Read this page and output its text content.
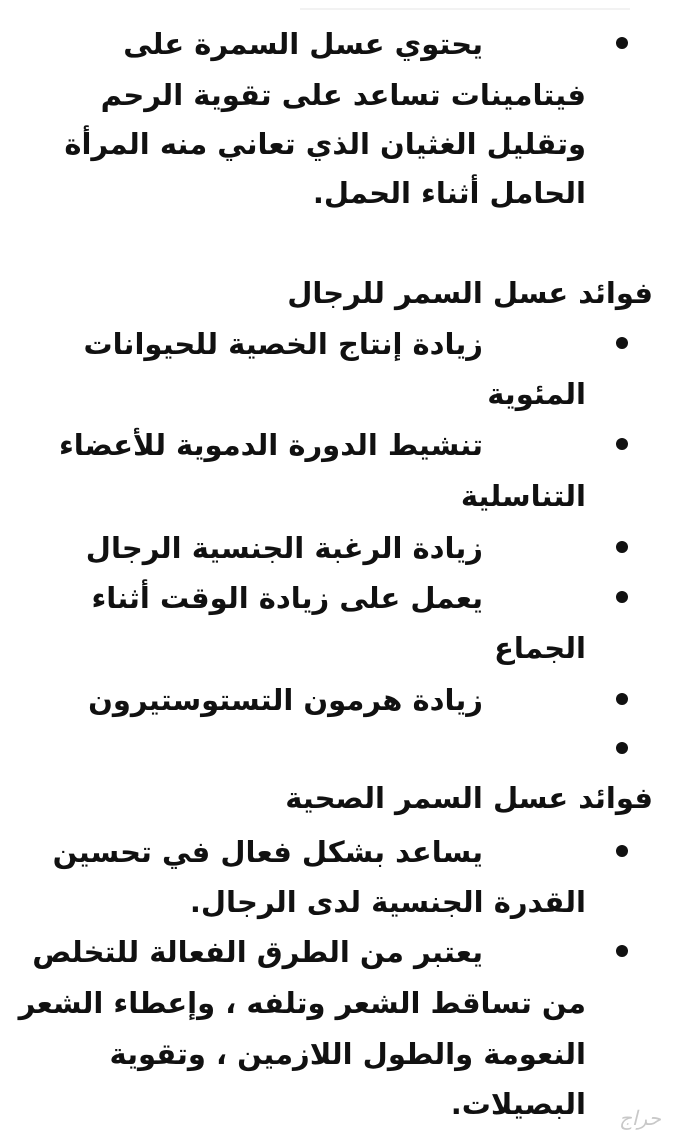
يحتوي عسل السمرة على
فيتامينات تساعد على تقوية الرحم
وتقليل الغثيان الذي تعاني منه المرأة
الحامل أثناء الحمل.
فوائد عسل السمر للرجال
زيادة إنتاج الخصية للحيوانات
المئوية
تنشيط الدورة الدموية للأعضاء
التناسلية
زيادة الرغبة الجنسية الرجال
يعمل على زيادة الوقت أثناء
الجماع
زيادة هرمون التستوستيرون
فوائد عسل السمر الصحية
يساعد بشكل فعال في تحسين
القدرة الجنسية لدى الرجال.
يعتبر من الطرق الفعالة للتخلص
من تساقط الشعر وتلفه ، وإعطاء الشعر
النعومة والطول اللازمين ، وتقوية
البصيلات.	حراج
